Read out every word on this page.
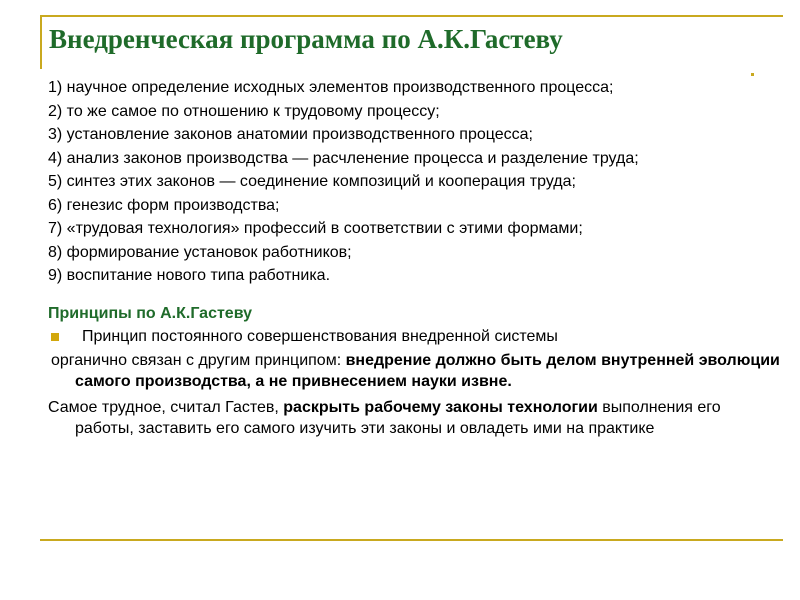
Внедренческая программа по А.К.Гастеву

1) научное определение исходных элементов производственного процесса;

2) то же самое по отношению к трудовому процессу;

3) установление законов анатомии производственного процесса;

4) анализ законов производства — расчленение процесса и разделение труда;

5) синтез этих законов — соединение композиций и кооперация труда;

6) генезис форм производства;

7) «трудовая технология» профессий в соответствии с этими формами;

8) формирование установок работников;

9) воспитание нового типа работника.

Принципы по А.К.Гастеву

Принцип постоянного совершенствования внедренной системы

органично связан с другим принципом: внедрение должно быть делом внутренней эволюции самого производства, а не привнесением науки извне.

Самое трудное, считал Гастев, раскрыть рабочему законы технологии выполнения его работы, заставить его самого изучить эти законы и овладеть ими на практике
